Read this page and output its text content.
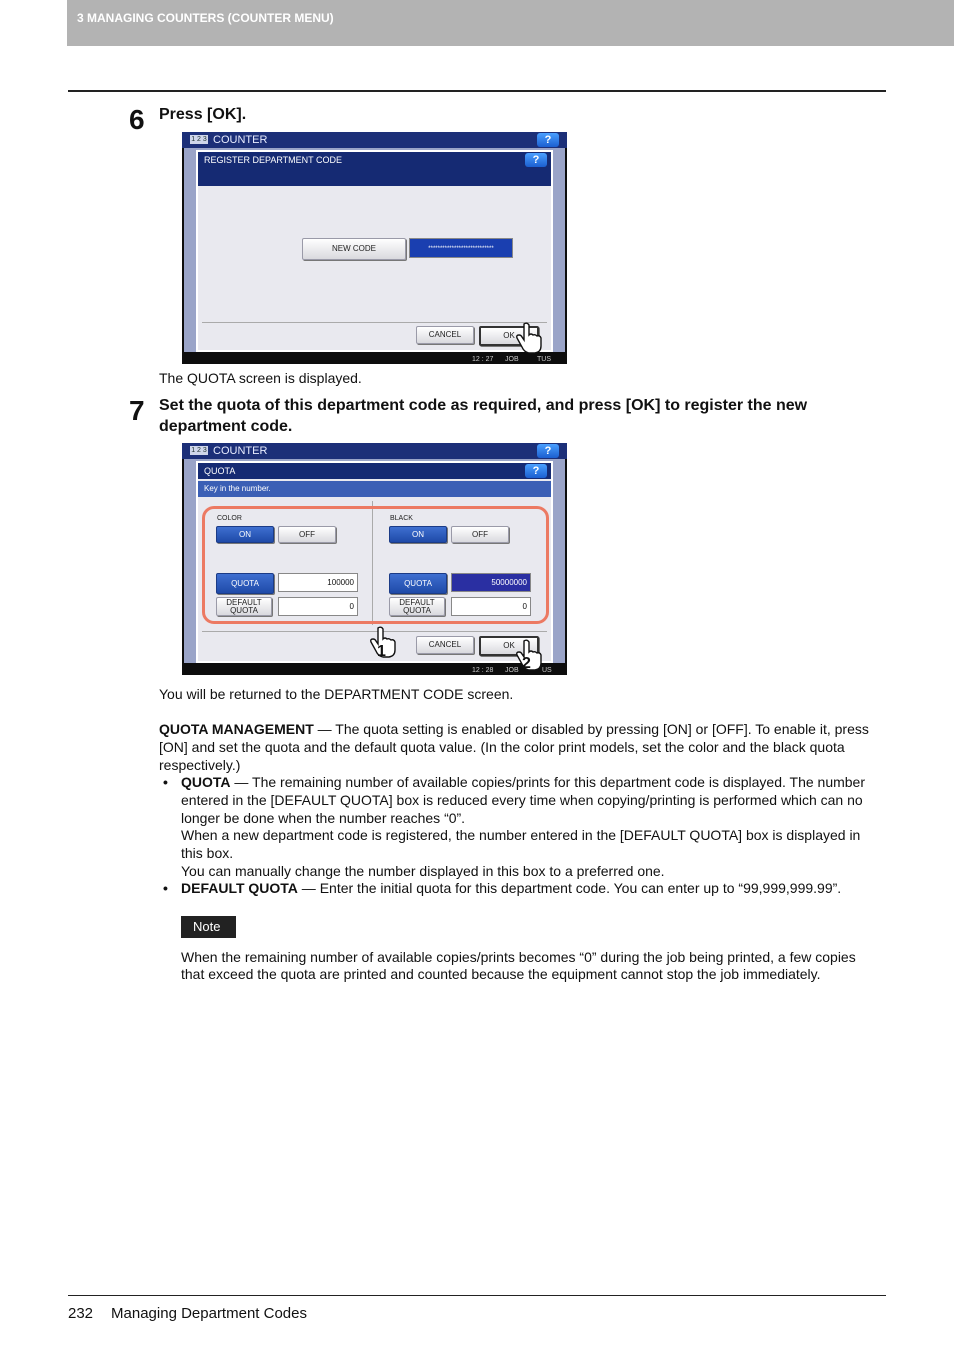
3 MANAGING COUNTERS (COUNTER MENU)
6 Press [OK].
1 2 3 COUNTER	?
REGISTER DEPARTMENT CODE	?
NEW CODE	****************************
CANCEL	OK
12 : 27 JOB	TUS
The QUOTA screen is displayed.
7 Set the quota of this department code as required, and press [OK] to register the new
department code.
1 2 3 COUNTER	?
QUOTA	?
Key in the number.
COLOR
ON	OFF
QUOTA	100000
DEFAULT
QUOTA	0
BLACK
ON	OFF
QUOTA	50000000
DEFAULT
QUOTA	0
CANCEL	OK
12 : 28 JOB	US
1
2
You will be returned to the DEPARTMENT CODE screen.
QUOTA MANAGEMENT — The quota setting is enabled or disabled by pressing [ON] or [OFF]. To enable it, press
[ON] and set the quota and the default quota value. (In the color print models, set the color and the black quota
respectively.)
• QUOTA — The remaining number of available copies/prints for this department code is displayed. The number
entered in the [DEFAULT QUOTA] box is reduced every time when copying/printing is performed which can no
longer be done when the number reaches “0”.
When a new department code is registered, the number entered in the [DEFAULT QUOTA] box is displayed in
this box.
You can manually change the number displayed in this box to a preferred one.
• DEFAULT QUOTA — Enter the initial quota for this department code. You can enter up to “99,999,999.99”.
Note
When the remaining number of available copies/prints becomes “0” during the job being printed, a few copies
that exceed the quota are printed and counted because the equipment cannot stop the job immediately.
232 Managing Department Codes
